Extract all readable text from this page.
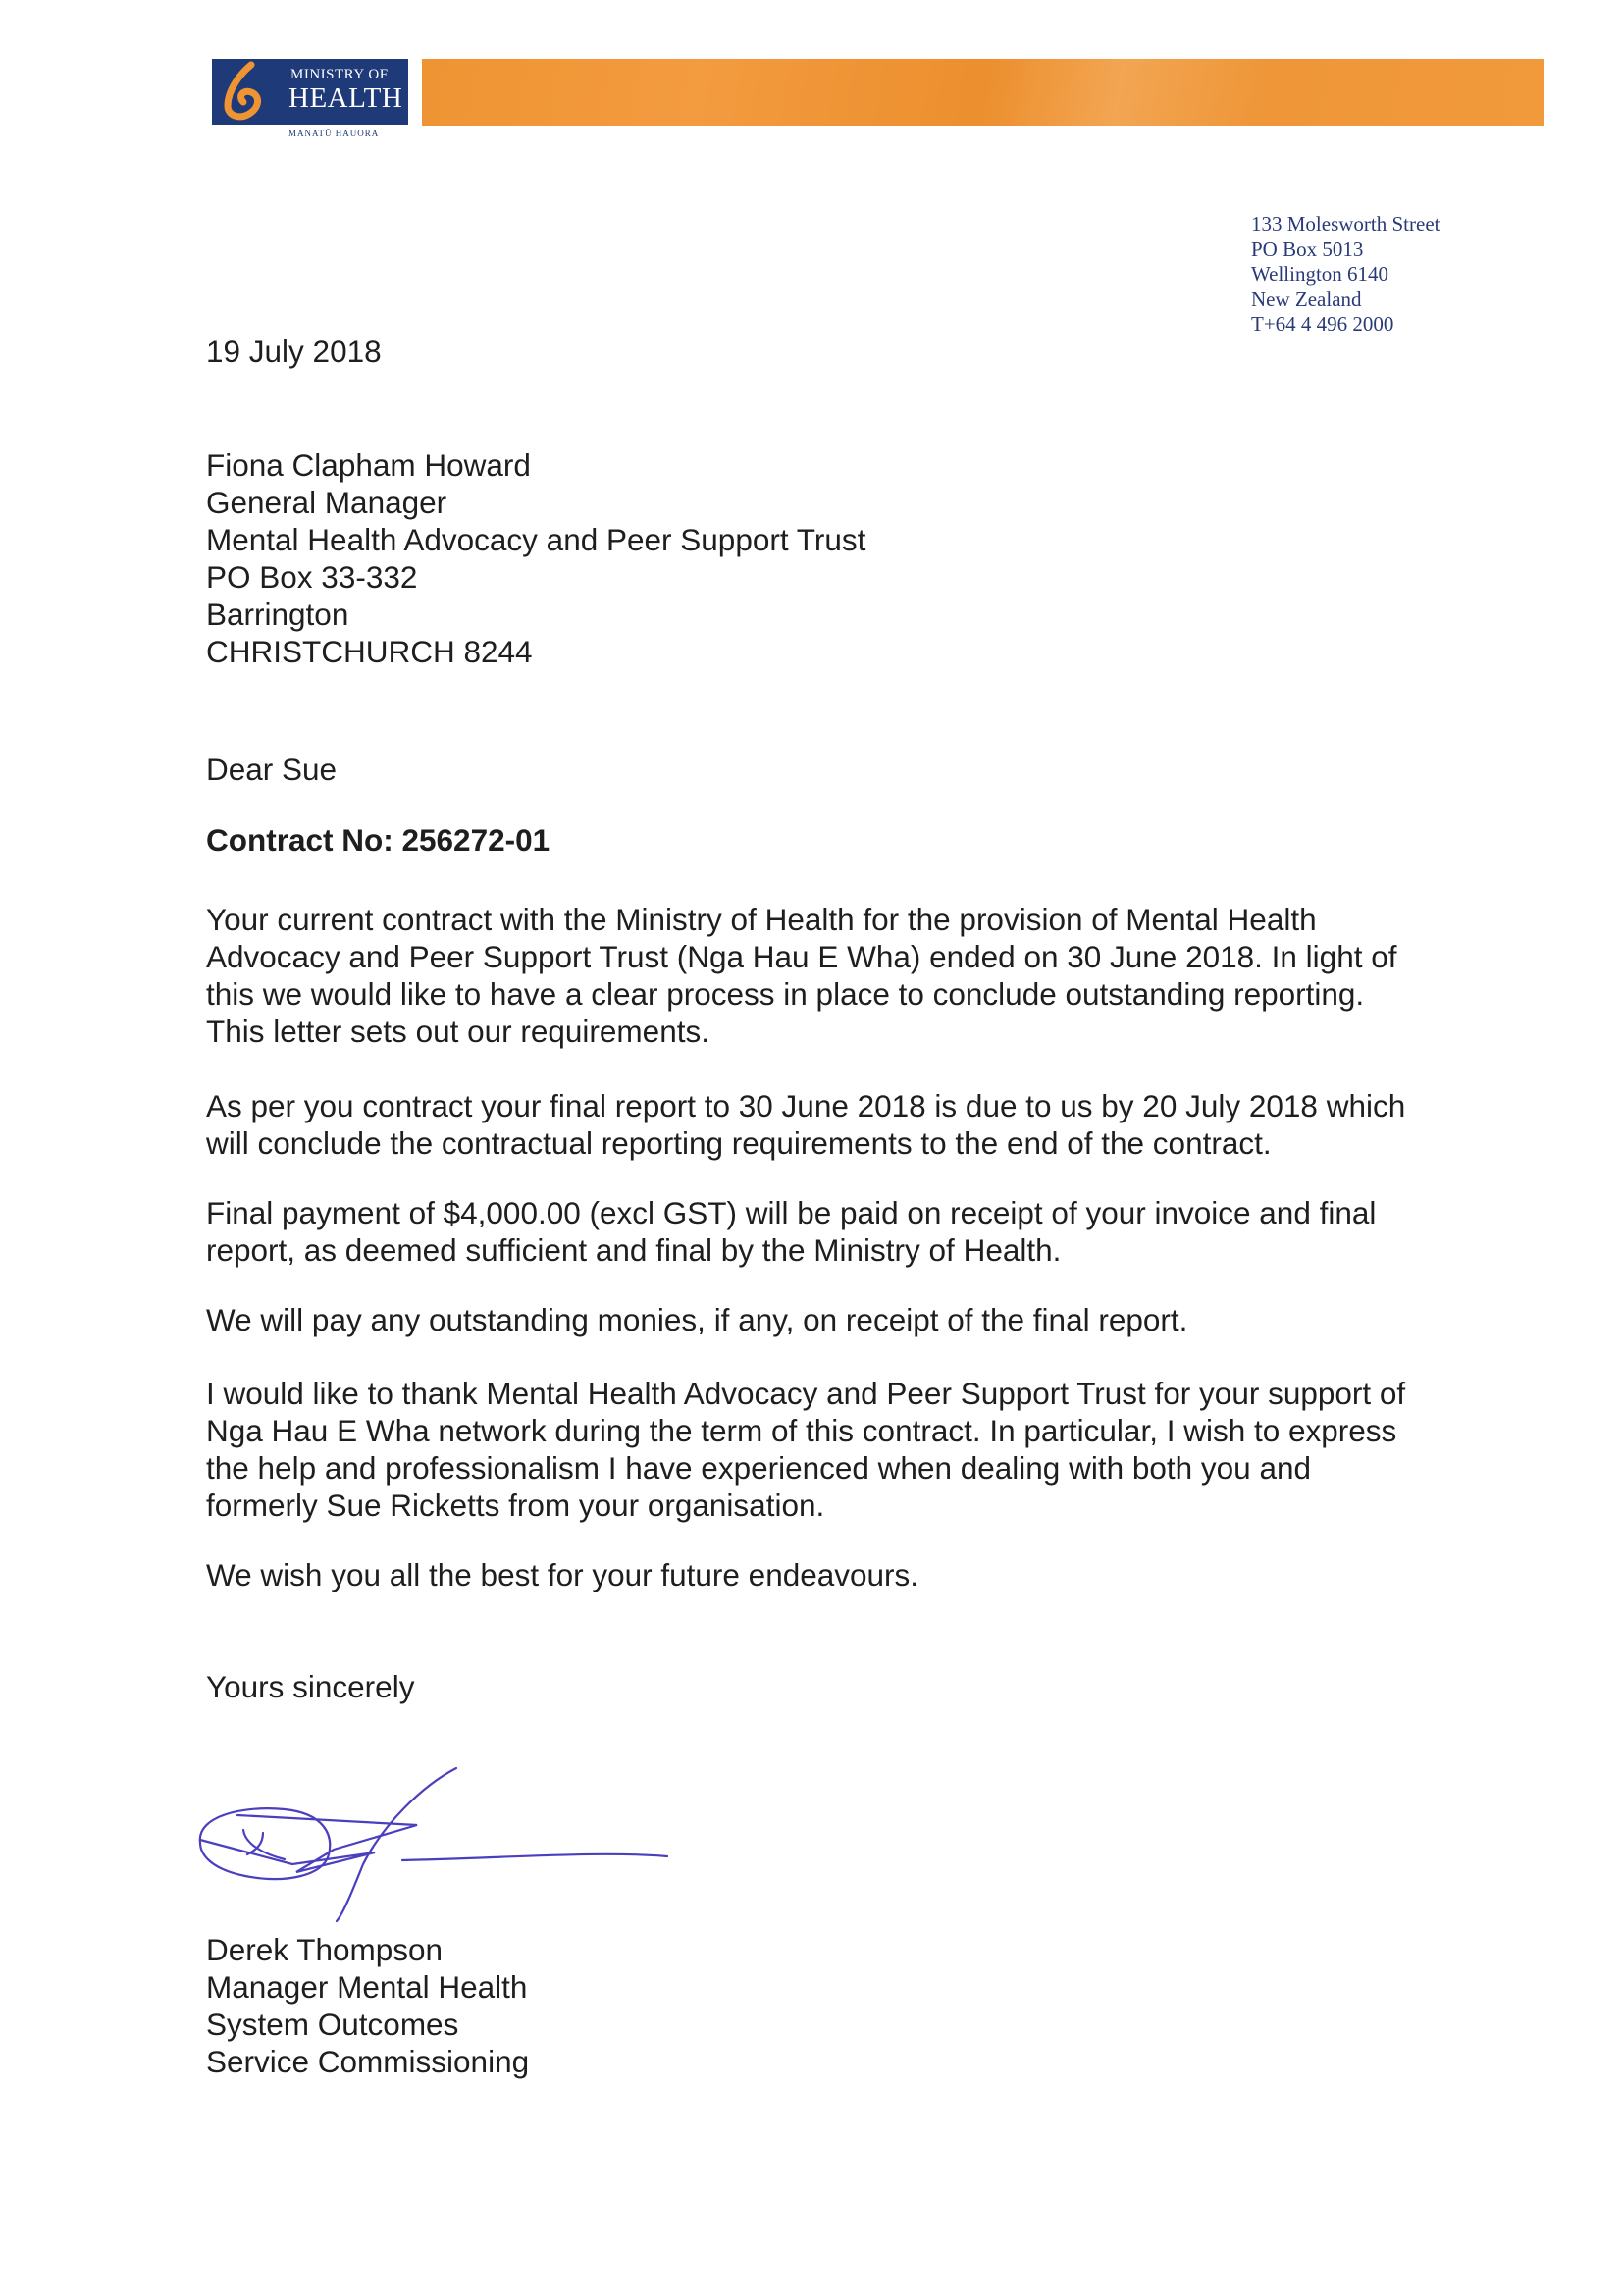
MINISTRY OF
HEALTH
MANATŪ HAUORA
133 Molesworth Street
PO Box 5013
Wellington 6140
New Zealand
T+64 4 496 2000
19 July 2018
Fiona Clapham Howard
General Manager
Mental Health Advocacy and Peer Support Trust
PO Box 33-332
Barrington
CHRISTCHURCH 8244
Dear Sue
Contract No: 256272-01
Your current contract with the Ministry of Health for the provision of Mental Health
Advocacy and Peer Support Trust (Nga Hau E Wha) ended on 30 June 2018. In light of
this we would like to have a clear process in place to conclude outstanding reporting.
This letter sets out our requirements.
As per you contract your final report to 30 June 2018 is due to us by 20 July 2018 which
will conclude the contractual reporting requirements to the end of the contract.
Final payment of $4,000.00 (excl GST) will be paid on receipt of your invoice and final
report, as deemed sufficient and final by the Ministry of Health.
We will pay any outstanding monies, if any, on receipt of the final report.
I would like to thank Mental Health Advocacy and Peer Support Trust for your support of
Nga Hau E Wha network during the term of this contract. In particular, I wish to express
the help and professionalism I have experienced when dealing with both you and
formerly Sue Ricketts from your organisation.
We wish you all the best for your future endeavours.
Yours sincerely
Derek Thompson
Manager Mental Health
System Outcomes
Service Commissioning
